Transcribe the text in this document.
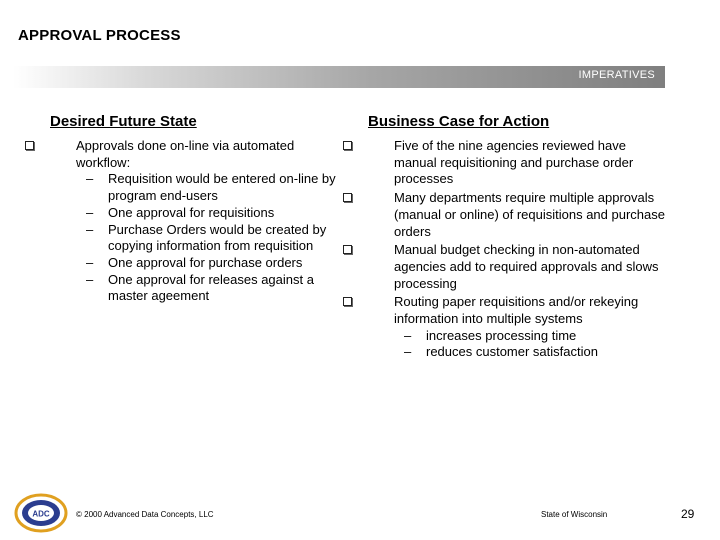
APPROVAL PROCESS
IMPERATIVES
Desired Future State
Approvals done on-line via automated workflow:
– Requisition would be entered on-line by program end-users
– One approval for requisitions
– Purchase Orders would be created by copying information from requisition
– One approval for purchase orders
– One approval for releases against a master ageement
Business Case for Action
Five of the nine agencies reviewed have manual requisitioning and purchase order processes
Many departments require multiple approvals (manual or online) of requisitions and purchase orders
Manual budget checking in non-automated agencies add to required approvals and slows processing
Routing paper requisitions and/or rekeying information into multiple systems
– increases processing time
– reduces customer satisfaction
ADC	© 2000 Advanced Data Concepts, LLC	State of Wisconsin	29
